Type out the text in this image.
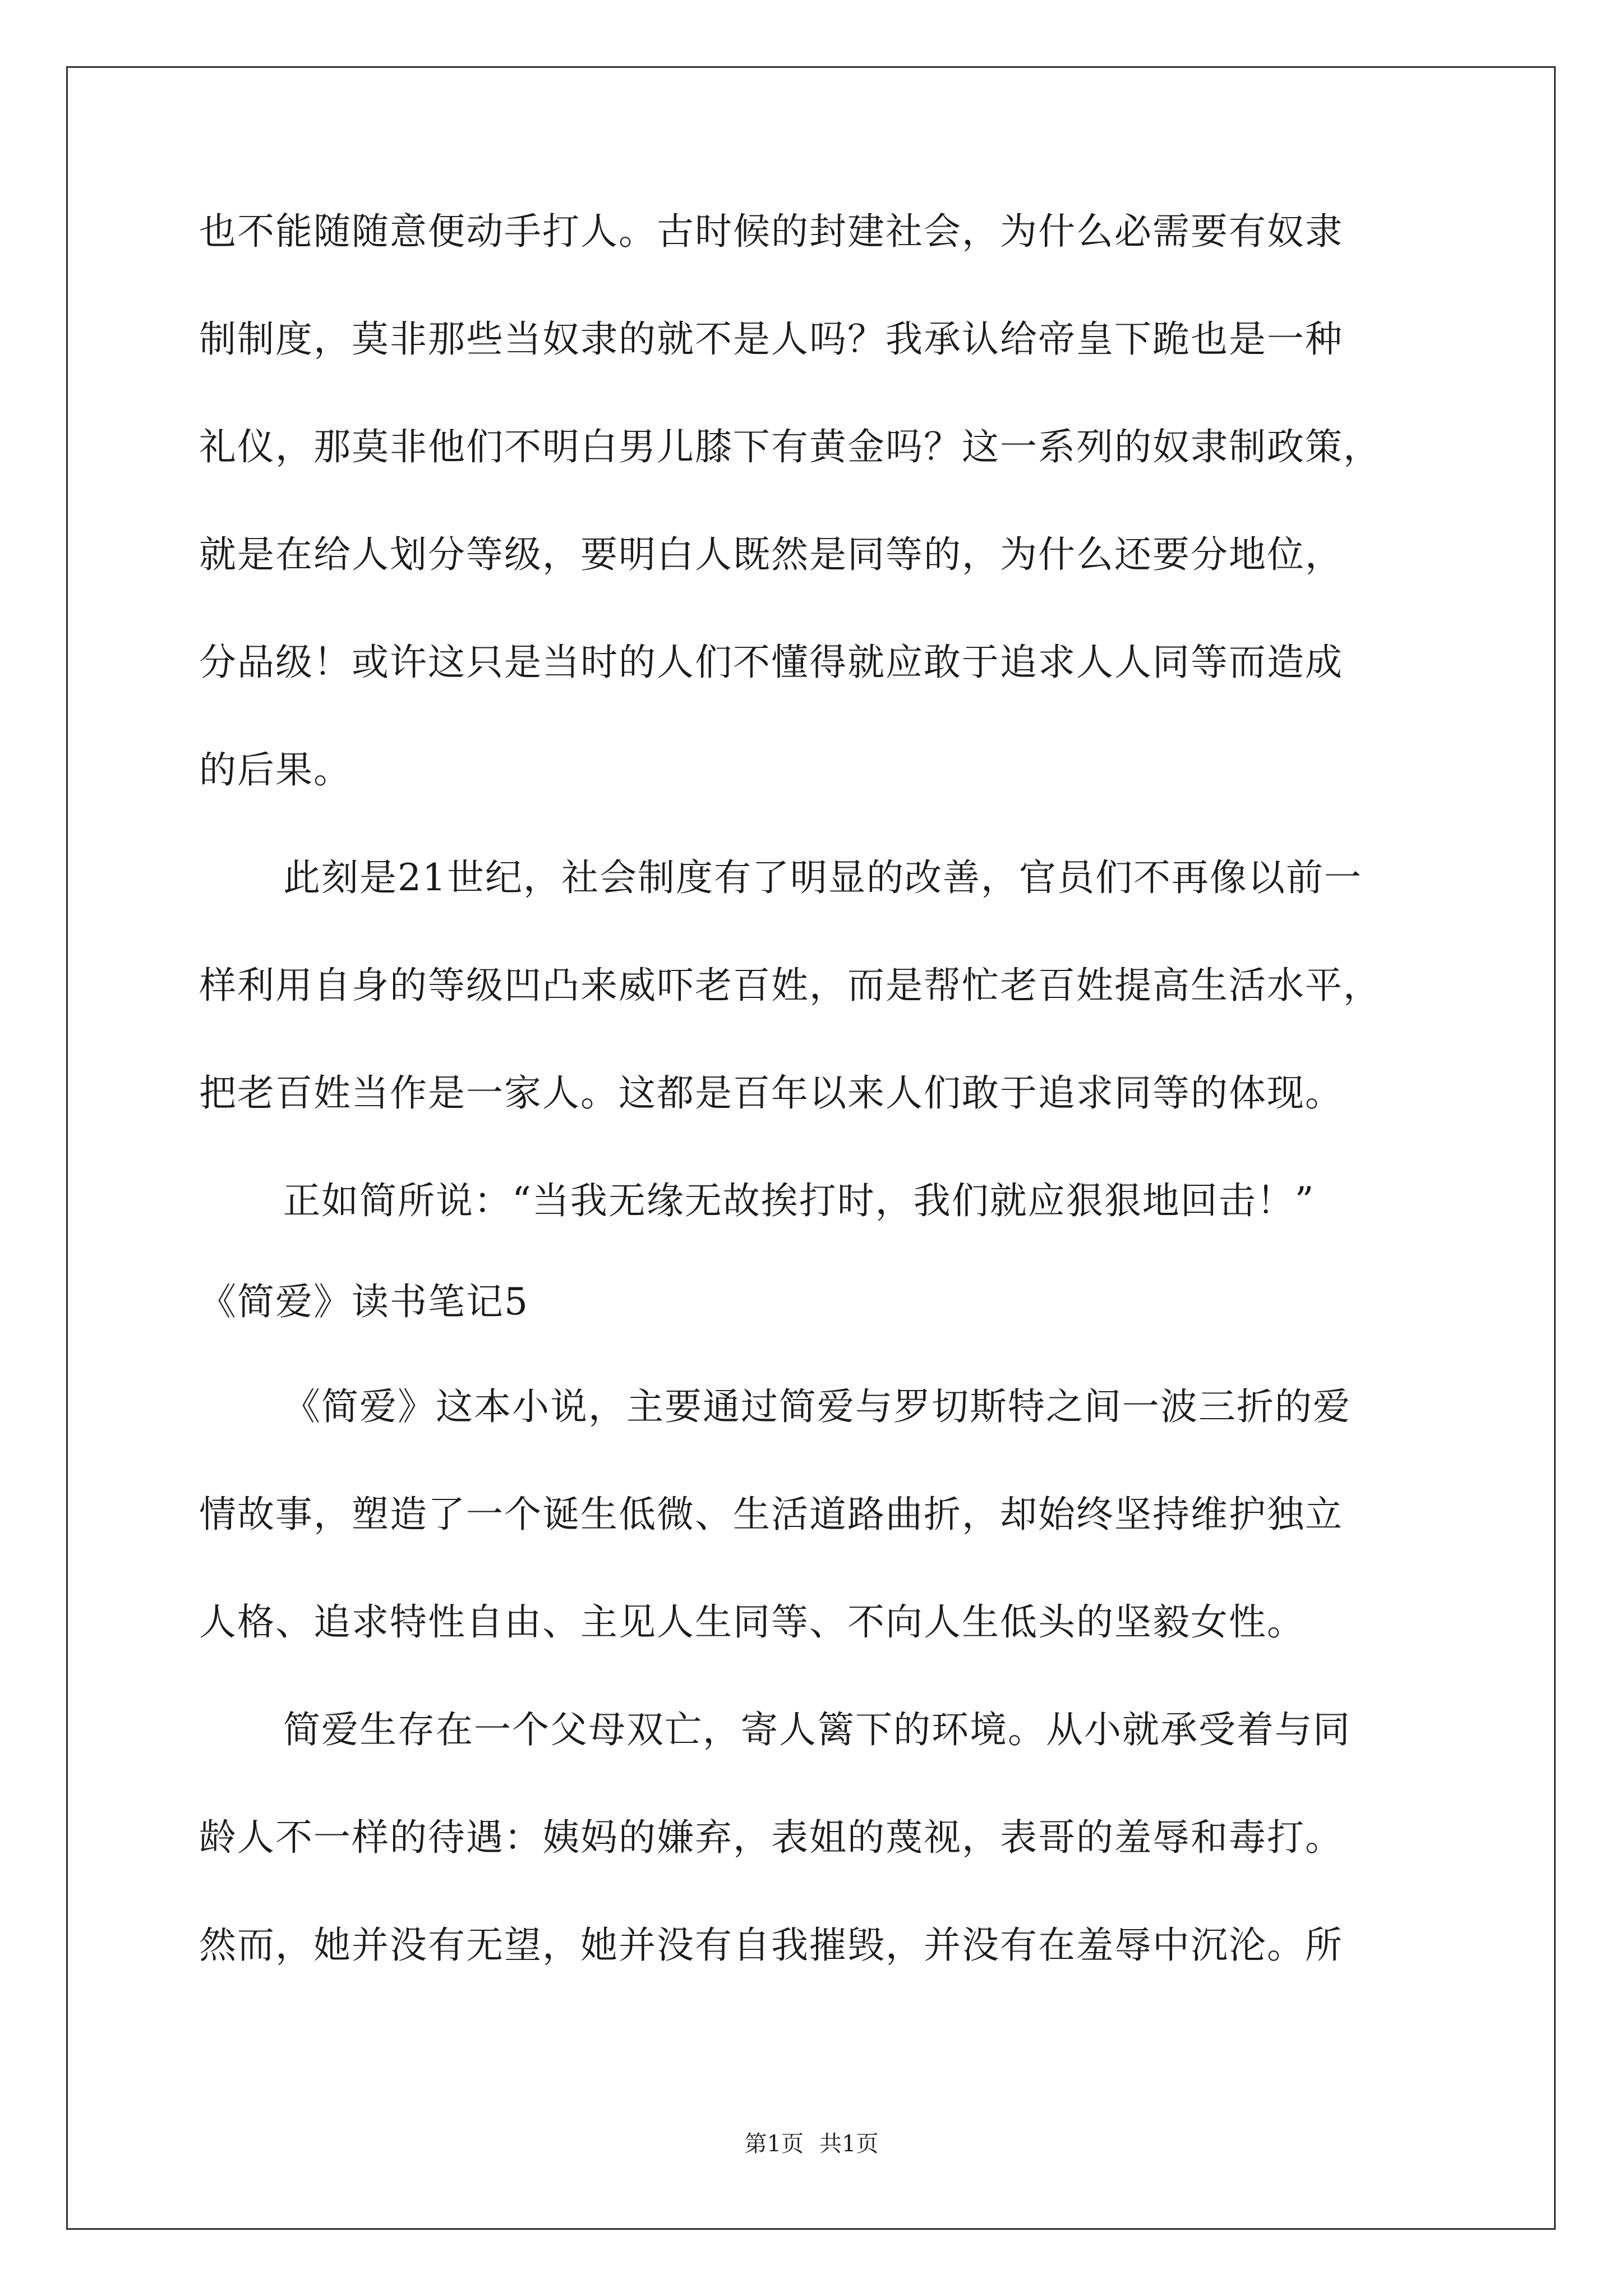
也不能随随意便动手打人。古时候的封建社会，为什么必需要有奴隶
制制度，莫非那些当奴隶的就不是人吗？我承认给帝皇下跪也是一种
礼仪，那莫非他们不明白男儿膝下有黄金吗？这一系列的奴隶制政策，
就是在给人划分等级，要明白人既然是同等的，为什么还要分地位，
分品级！或许这只是当时的人们不懂得就应敢于追求人人同等而造成
的后果。
此刻是21世纪，社会制度有了明显的改善，官员们不再像以前一
样利用自身的等级凹凸来威吓老百姓，而是帮忙老百姓提高生活水平，
把老百姓当作是一家人。这都是百年以来人们敢于追求同等的体现。
正如简所说：“当我无缘无故挨打时，我们就应狠狠地回击！”
《简爱》读书笔记5
《简爱》这本小说，主要通过简爱与罗切斯特之间一波三折的爱
情故事，塑造了一个诞生低微、生活道路曲折，却始终坚持维护独立
人格、追求特性自由、主见人生同等、不向人生低头的坚毅女性。
简爱生存在一个父母双亡，寄人篱下的环境。从小就承受着与同
龄人不一样的待遇：姨妈的嫌弃，表姐的蔑视，表哥的羞辱和毒打。
然而，她并没有无望，她并没有自我摧毁，并没有在羞辱中沉沦。所
第1页 共1页
